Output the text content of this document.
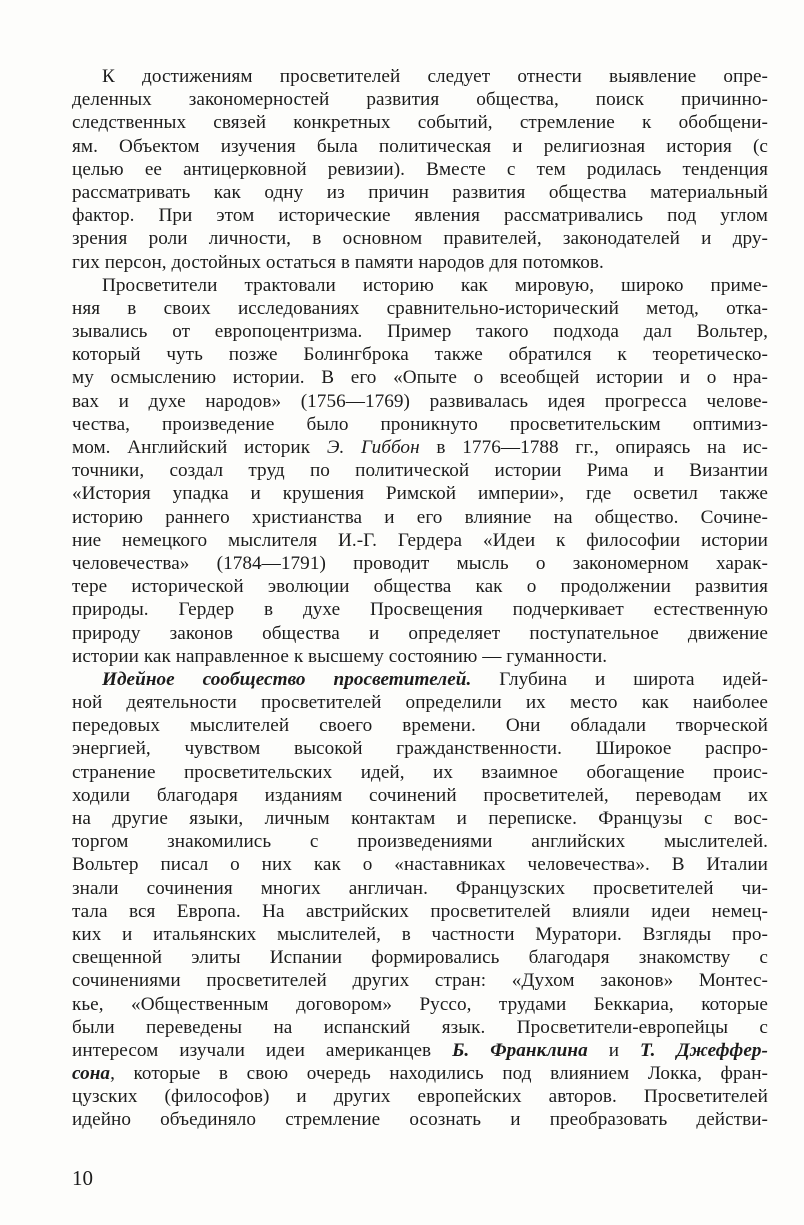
К достижениям просветителей следует отнести выявление опре-
деленных закономерностей развития общества, поиск причинно-
следственных связей конкретных событий, стремление к обобщени-
ям. Объектом изучения была политическая и религиозная история (с
целью ее антицерковной ревизии). Вместе с тем родилась тенденция
рассматривать как одну из причин развития общества материальный
фактор. При этом исторические явления рассматривались под углом
зрения роли личности, в основном правителей, законодателей и дру-
гих персон, достойных остаться в памяти народов для потомков.
Просветители трактовали историю как мировую, широко приме-
няя в своих исследованиях сравнительно-исторический метод, отка-
зывались от европоцентризма. Пример такого подхода дал Вольтер,
который чуть позже Болингброка также обратился к теоретическо-
му осмыслению истории. В его «Опыте о всеобщей истории и о нра-
вах и духе народов» (1756—1769) развивалась идея прогресса челове-
чества, произведение было проникнуто просветительским оптимиз-
мом. Английский историк Э. Гиббон в 1776—1788 гг., опираясь на ис-
точники, создал труд по политической истории Рима и Византии
«История упадка и крушения Римской империи», где осветил также
историю раннего христианства и его влияние на общество. Сочине-
ние немецкого мыслителя И.-Г. Гердера «Идеи к философии истории
человечества» (1784—1791) проводит мысль о закономерном харак-
тере исторической эволюции общества как о продолжении развития
природы. Гердер в духе Просвещения подчеркивает естественную
природу законов общества и определяет поступательное движение
истории как направленное к высшему состоянию — гуманности.
Идейное сообщество просветителей. Глубина и широта идей-
ной деятельности просветителей определили их место как наиболее
передовых мыслителей своего времени. Они обладали творческой
энергией, чувством высокой гражданственности. Широкое распро-
странение просветительских идей, их взаимное обогащение проис-
ходили благодаря изданиям сочинений просветителей, переводам их
на другие языки, личным контактам и переписке. Французы с вос-
торгом знакомились с произведениями английских мыслителей.
Вольтер писал о них как о «наставниках человечества». В Италии
знали сочинения многих англичан. Французских просветителей чи-
тала вся Европа. На австрийских просветителей влияли идеи немец-
ких и итальянских мыслителей, в частности Муратори. Взгляды про-
свещенной элиты Испании формировались благодаря знакомству с
сочинениями просветителей других стран: «Духом законов» Монтес-
кье, «Общественным договором» Руссо, трудами Беккариа, которые
были переведены на испанский язык. Просветители-европейцы с
интересом изучали идеи американцев Б. Франклина и Т. Джеффер-
сона, которые в свою очередь находились под влиянием Локка, фран-
цузских (философов) и других европейских авторов. Просветителей
идейно объединяло стремление осознать и преобразовать действи-
10
